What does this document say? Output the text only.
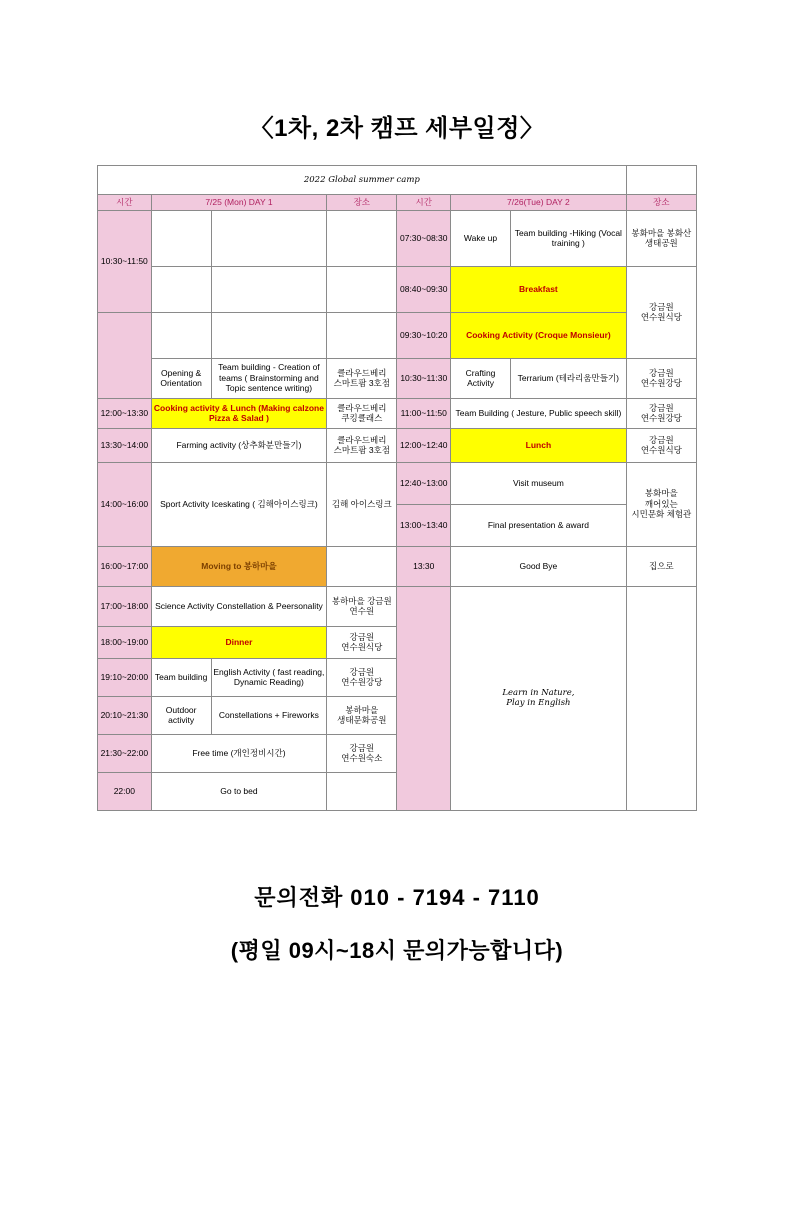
〈1차, 2차 캠프 세부일정〉
2022 Global summer camp							
시간	7/25 (Mon) DAY 1		장소	시간	7/26(Tue) DAY 2		장소
10:30~11:50				07:30~08:30	Wake up	Team building -Hiking (Vocal training )	봉화마을 봉화산 생태공원
				08:40~09:30	Breakfast		강금원 연수원식당
				09:30~10:20	Cooking Activity (Croque Monsieur)		
	Opening & Orientation	Team building - Creation of teams ( Brainstorming and Topic sentence writing)	클라우드베리 스마트팜 3호점	10:30~11:30	Crafting Activity	Terrarium (테라리움만들기)	강금원 연수원강당
12:00~13:30	Cooking activity & Lunch (Making calzone Pizza & Salad )		클라우드베리 쿠킹클래스	11:00~11:50	Team Building ( Jesture, Public speech skill)		강금원 연수원강당
13:30~14:00	Farming activity (상추화분만들기)		클라우드베리 스마트팜 3호점	12:00~12:40	Lunch		강금원 연수원식당
14:00~16:00	Sport Activity Iceskating ( 김해아이스링크)		김해 아이스링크	12:40~13:00	Visit museum		봉화마을 깨어있는 시민문화 체험관
				13:00~13:40	Final presentation & award		
16:00~17:00	Moving to 봉하마을			13:30	Good Bye		집으로
17:00~18:00	Science Activity Constellation & Peersonality		봉하마을 강금원 연수원		Learn in Nature,
Play in English		

18:00~19:00	Dinner		강금원 연수원식당				
19:10~20:00	Team building	English Activity ( fast reading, Dynamic Reading)	강금원 연수원강당				
20:10~21:30	Outdoor activity	Constellations + Fireworks	봉하마을 생태문화공원				
21:30~22:00	Free time (개인정비시간)		강금원 연수원숙소				
22:00	Go to bed						
문의전화 010 - 7194 - 7110
(평일 09시~18시 문의가능합니다)
